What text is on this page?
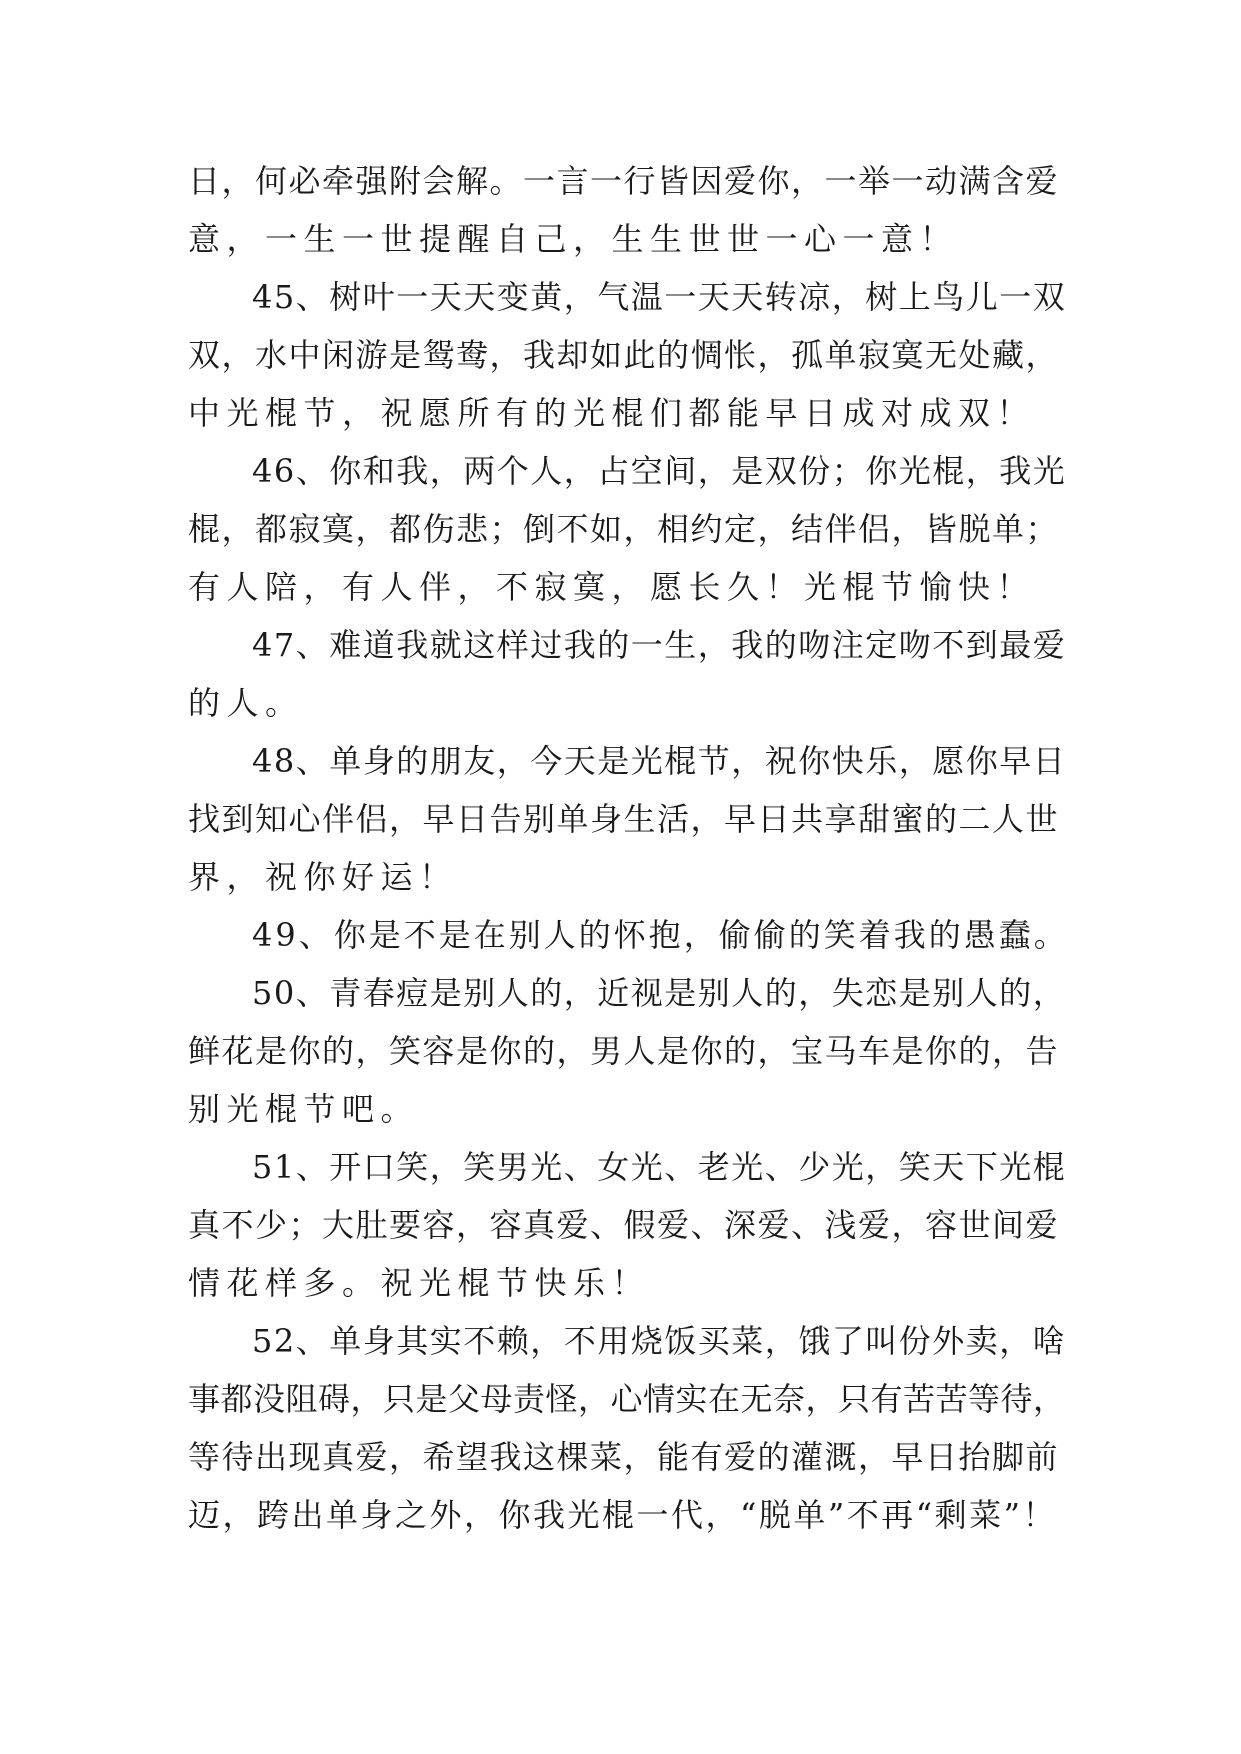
日，何必牵强附会解。一言一行皆因爱你，一举一动满含爱
意，一生一世提醒自己，生生世世一心一意！

45、树叶一天天变黄，气温一天天转凉，树上鸟儿一双
双，水中闲游是鸳鸯，我却如此的惆怅，孤单寂寞无处藏，
中光棍节，祝愿所有的光棍们都能早日成对成双！

46、你和我，两个人，占空间，是双份；你光棍，我光
棍，都寂寞，都伤悲；倒不如，相约定，结伴侣，皆脱单；
有人陪，有人伴，不寂寞，愿长久！光棍节愉快！

47、难道我就这样过我的一生，我的吻注定吻不到最爱
的人。

48、单身的朋友，今天是光棍节，祝你快乐，愿你早日
找到知心伴侣，早日告别单身生活，早日共享甜蜜的二人世
界，祝你好运！

49、你是不是在别人的怀抱，偷偷的笑着我的愚蠢。

50、青春痘是别人的，近视是别人的，失恋是别人的，
鲜花是你的，笑容是你的，男人是你的，宝马车是你的，告
别光棍节吧。

51、开口笑，笑男光、女光、老光、少光，笑天下光棍
真不少；大肚要容，容真爱、假爱、深爱、浅爱，容世间爱
情花样多。祝光棍节快乐！

52、单身其实不赖，不用烧饭买菜，饿了叫份外卖，啥
事都没阻碍，只是父母责怪，心情实在无奈，只有苦苦等待，
等待出现真爱，希望我这棵菜，能有爱的灌溉，早日抬脚前
迈，跨出单身之外，你我光棍一代，“脱单”不再“剩菜”！
